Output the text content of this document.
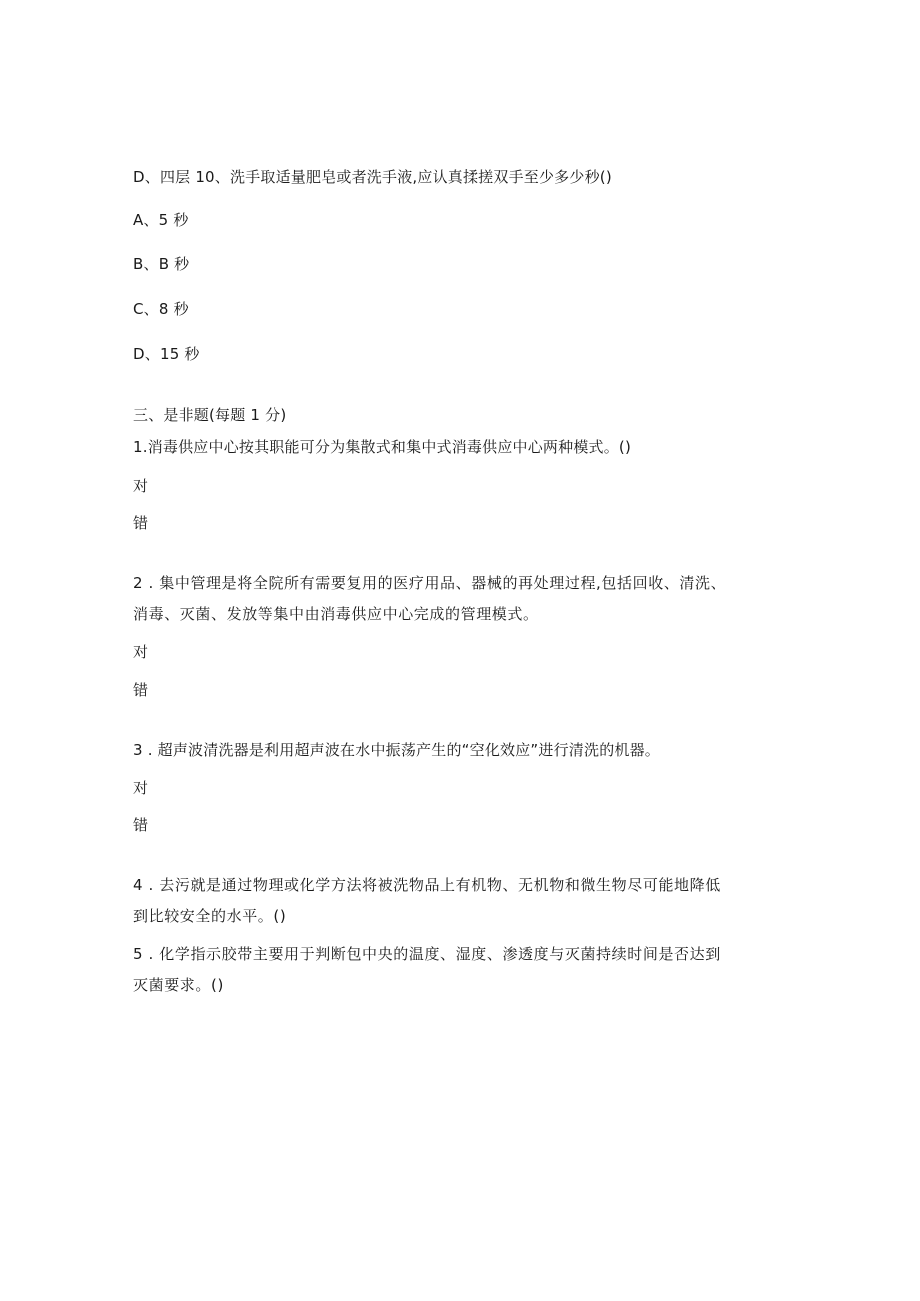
D、四层 10、洗手取适量肥皂或者洗手液,应认真揉搓双手至少多少秒()
A、5 秒
B、B 秒
C、8 秒
D、15 秒
三、是非题(每题 1 分)
1.消毒供应中心按其职能可分为集散式和集中式消毒供应中心两种模式。()
对
错
2 . 集中管理是将全院所有需要复用的医疗用品、器械的再处理过程,包括回收、清洗、
消毒、灭菌、发放等集中由消毒供应中心完成的管理模式。
对
错
3 . 超声波清洗器是利用超声波在水中振荡产生的“空化效应”进行清洗的机器。
对
错
4 . 去污就是通过物理或化学方法将被洗物品上有机物、无机物和微生物尽可能地降低
到比较安全的水平。()
5 . 化学指示胶带主要用于判断包中央的温度、湿度、渗透度与灭菌持续时间是否达到
灭菌要求。()
